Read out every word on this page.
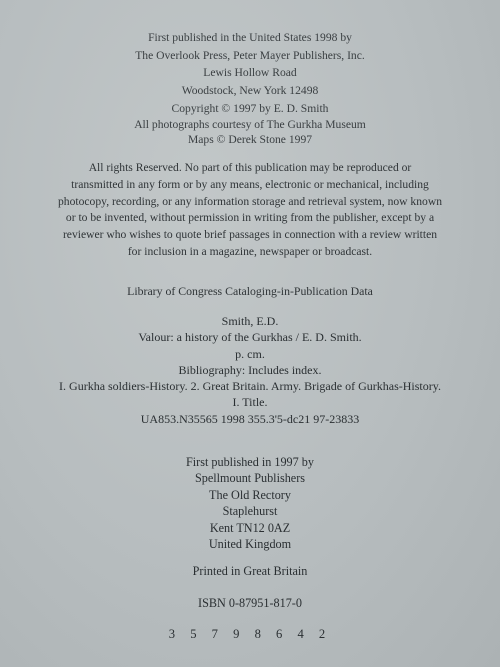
First published in the United States 1998 by
The Overlook Press, Peter Mayer Publishers, Inc.
Lewis Hollow Road
Woodstock, New York 12498
Copyright © 1997 by E. D. Smith
All photographs courtesy of The Gurkha Museum
Maps © Derek Stone 1997
All rights Reserved. No part of this publication may be reproduced or
transmitted in any form or by any means, electronic or mechanical, including
photocopy, recording, or any information storage and retrieval system, now known
or to be invented, without permission in writing from the publisher, except by a
reviewer who wishes to quote brief passages in connection with a review written
for inclusion in a magazine, newspaper or broadcast.
Library of Congress Cataloging-in-Publication Data
Smith, E.D.
Valour: a history of the Gurkhas / E. D. Smith.
p. cm.
Bibliography: Includes index.
I. Gurkha soldiers-History. 2. Great Britain. Army. Brigade of Gurkhas-History.
I. Title.
UA853.N35565 1998 355.3'5-dc21 97-23833
First published in 1997 by
Spellmount Publishers
The Old Rectory
Staplehurst
Kent TN12 0AZ
United Kingdom
Printed in Great Britain
ISBN 0-87951-817-0
3 5 7 9 8 6 4 2
